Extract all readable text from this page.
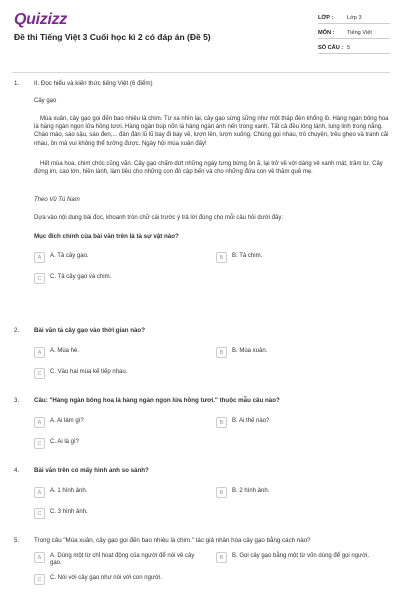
Quizizz
Đề thi Tiếng Việt 3 Cuối học kì 2 có đáp án (Đề 5)
LỚP :	Lớp 3
MÔN :	Tiếng Việt
SỐ CÂU : 5
1. II. Đọc hiểu và kiến thức tiếng Việt (6 điểm)
Cây gạo
Mùa xuân, cây gạo gọi đến bao nhiêu là chim. Từ xa nhìn lại, cây gạo sừng sững như một tháp đèn khổng lồ. Hàng ngàn bông hoa là hàng ngàn ngọn lửa hồng tươi. Hàng ngàn búp nõn là hàng ngàn ánh nến trong xanh. Tất cả đều lóng lánh, lung linh trong nắng. Chào mào, sáo sậu, sáo đen,... đàn đàn lũ lũ bay đi bay về, lượn lên, lượn xuống. Chúng gọi nhau, trò chuyện, trêu ghẹo và tranh cãi nhau, ồn mà vui không thể tưởng được. Ngày hội mùa xuân đấy!
Hết mùa hoa, chim chóc cũng vãn. Cây gạo chấm dứt những ngày tưng bừng ồn ã, lại trở về với dáng vẻ xanh mát, trầm tư. Cây đứng im, cao lớn, hiền lành, làm tiêu cho những con đò cập bến và cho những đứa con về thăm quê mẹ.
Theo Vũ Tú Nam
Dựa vào nội dung bài đọc, khoanh tròn chữ cái trước ý trả lời đúng cho mỗi câu hỏi dưới đây:
Mục đích chính của bài văn trên là tả sự vật nào?
A	A. Tả cây gạo.	B	B. Tả chim.
C	C. Tả cây gạo và chim.
2. Bài văn tả cây gạo vào thời gian nào?
A	A. Mùa hè.	B	B. Mùa xuân.
C	C. Vào hai mùa kế tiếp nhau.
3. Câu: "Hàng ngàn bông hoa là hàng ngàn ngọn lửa hồng tươi." thuộc mẫu câu nào?
A	A. Ai làm gì?	B	B. Ai thế nào?
C	C. Ai là gì?
4. Bài văn trên có mấy hình ảnh so sánh?
A	A. 1 hình ảnh.	B	B. 2 hình ảnh.
C	C. 3 hình ảnh.
5. Trong câu "Mùa xuân, cây gạo gọi đến bao nhiêu là chim." tác giả nhân hóa cây gạo bằng cách nào?
A	A. Dùng một từ chỉ hoạt động của người để nói về cây gạo.
B	B. Gọi cây gạo bằng một từ vốn dùng để gọi người.
C	C. Nói với cây gạo như nói với con người.
